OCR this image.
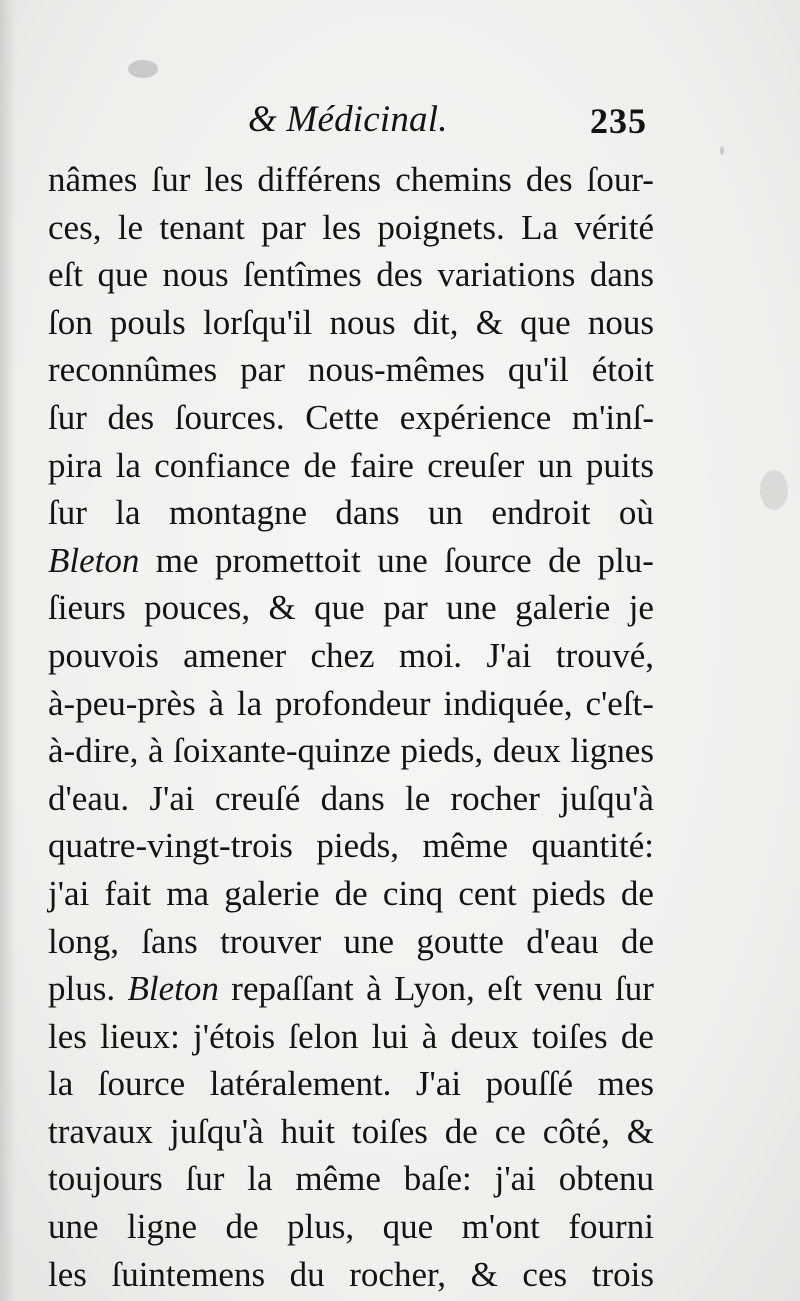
& Médicinal.	235
nâmes ſur les différens chemins des ſour-
ces, le tenant par les poignets. La vérité
eſt que nous ſentîmes des variations dans
ſon pouls lorſqu'il nous dit, & que nous
reconnûmes par nous-mêmes qu'il étoit
ſur des ſources. Cette expérience m'inſ-
pira la confiance de faire creuſer un puits
ſur la montagne dans un endroit où
Bleton me promettoit une ſource de plu-
ſieurs pouces, & que par une galerie je
pouvois amener chez moi. J'ai trouvé,
à-peu-près à la profondeur indiquée, c'eſt-
à-dire, à ſoixante-quinze pieds, deux lignes
d'eau. J'ai creuſé dans le rocher juſqu'à
quatre-vingt-trois pieds, même quantité:
j'ai fait ma galerie de cinq cent pieds de
long, ſans trouver une goutte d'eau de
plus. Bleton repaſſant à Lyon, eſt venu ſur
les lieux: j'étois ſelon lui à deux toiſes de
la ſource latéralement. J'ai pouſſé mes
travaux juſqu'à huit toiſes de ce côté, &
toujours ſur la même baſe: j'ai obtenu
une ligne de plus, que m'ont fourni
les ſuintemens du rocher, & ces trois
